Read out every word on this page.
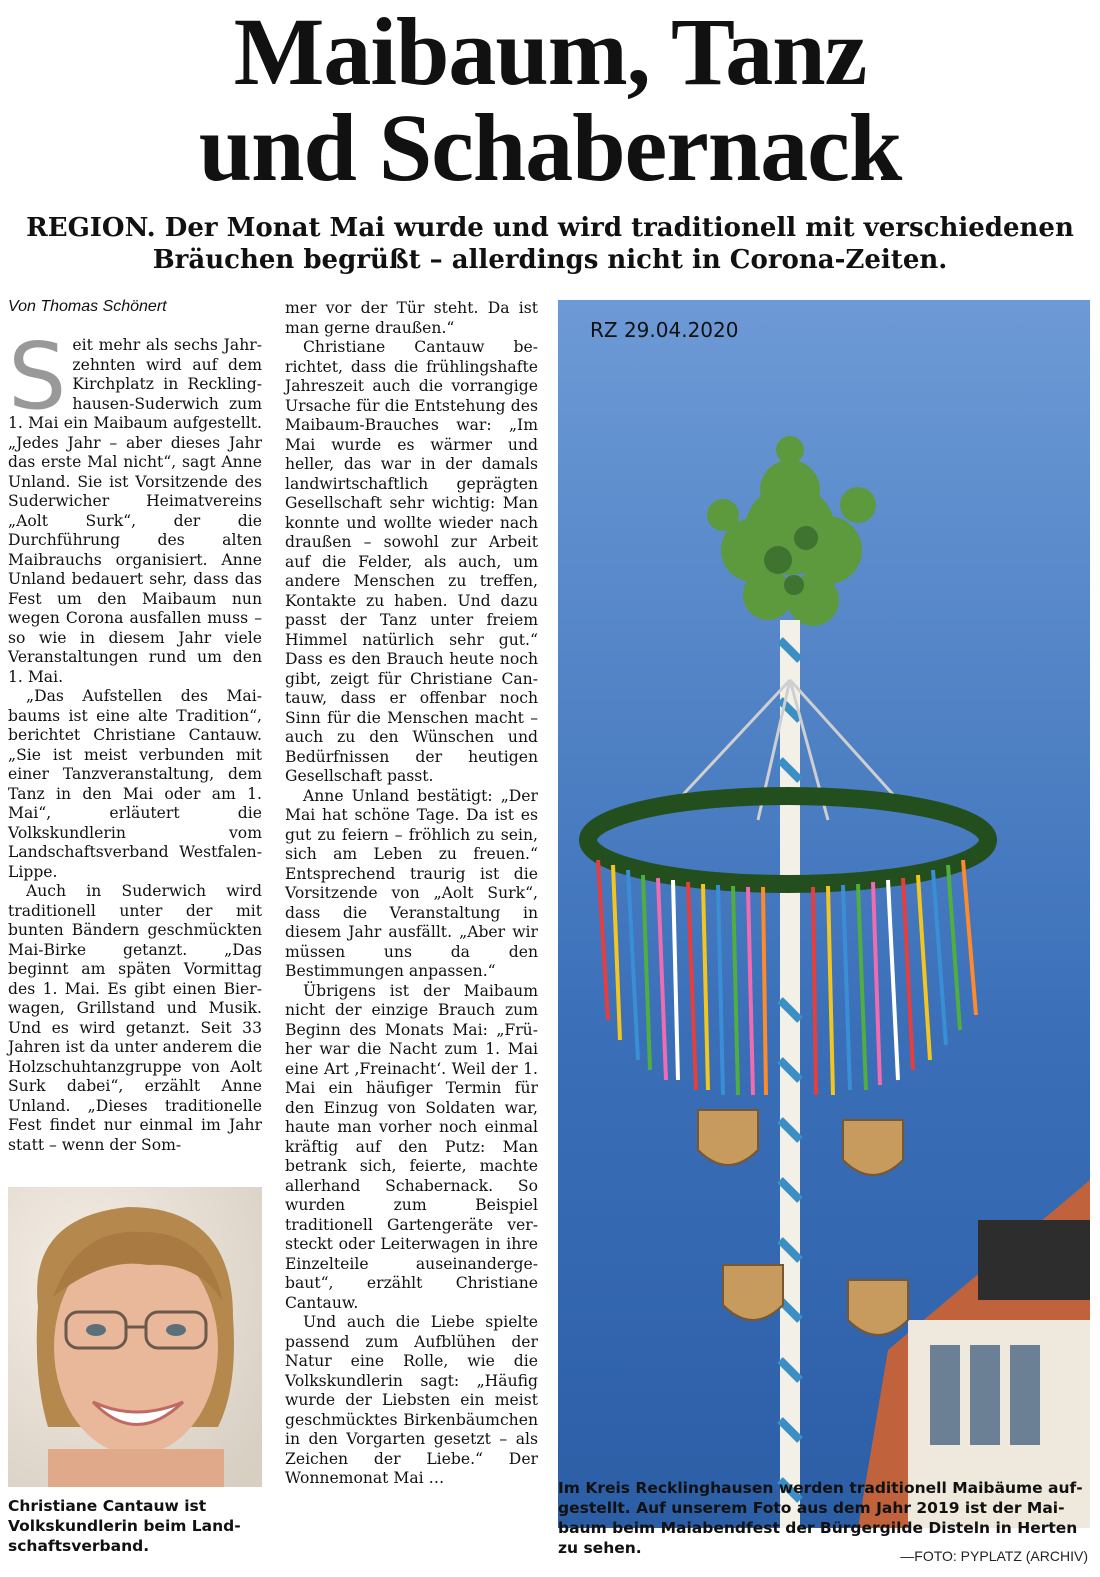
Maibaum, Tanz
und Schabernack
REGION. Der Monat Mai wurde und wird traditionell mit verschiedenen Bräuchen begrüßt – allerdings nicht in Corona-Zeiten.
Von Thomas Schönert
S eit mehr als sechs Jahrzehnten wird auf dem Kirchplatz in Recklinghausen-Suderwich zum 1. Mai ein Maibaum aufgestellt. „Jedes Jahr – aber dieses Jahr das erste Mal nicht“, sagt Anne Unland. Sie ist Vorsitzende des Suderwicher Heimatvereins „Aolt Surk“, der die Durchführung des alten Maibrauchs organisiert. Anne Unland bedauert sehr, dass das Fest um den Maibaum nun wegen Corona ausfallen muss – so wie in diesem Jahr viele Veranstaltungen rund um den 1. Mai.

„Das Aufstellen des Maibaums ist eine alte Tradition“, berichtet Christiane Cantauw. „Sie ist meist verbunden mit einer Tanzveranstaltung, dem Tanz in den Mai oder am 1. Mai“, erläutert die Volkskundlerin vom Landschaftsverband Westfalen-Lippe.

Auch in Suderwich wird traditionell unter der mit bunten Bändern geschmückten Mai-Birke getanzt. „Das beginnt am späten Vormittag des 1. Mai. Es gibt einen Bierwagen, Grillstand und Musik. Und es wird getanzt. Seit 33 Jahren ist da unter anderem die Holzschuhtanzgruppe von Aolt Surk dabei“, erzählt Anne Unland. „Dieses traditionelle Fest findet nur einmal im Jahr statt – wenn der Som-

mer vor der Tür steht. Da ist man gerne draußen.“

Christiane Cantauw berichtet, dass die frühlingshafte Jahreszeit auch die vorrangige Ursache für die Entstehung des Maibaum-Brauches war: „Im Mai wurde es wärmer und heller, das war in der damals landwirtschaftlich geprägten Gesellschaft sehr wichtig: Man konnte und wollte wieder nach draußen – sowohl zur Arbeit auf die Felder, als auch, um andere Menschen zu treffen, Kontakte zu haben. Und dazu passt der Tanz unter freiem Himmel natürlich sehr gut.“ Dass es den Brauch heute noch gibt, zeigt für Christiane Cantauw, dass er offenbar noch Sinn für die Menschen macht – auch zu den Wünschen und Bedürfnissen der heutigen Gesellschaft passt.

Anne Unland bestätigt: „Der Mai hat schöne Tage. Da ist es gut zu feiern – fröhlich zu sein, sich am Leben zu freuen.“ Entsprechend traurig ist die Vorsitzende von „Aolt Surk“, dass die Veranstaltung in diesem Jahr ausfällt. „Aber wir müssen uns da den Bestimmungen anpassen.“

Übrigens ist der Maibaum nicht der einzige Brauch zum Beginn des Monats Mai: „Früher war die Nacht zum 1. Mai eine Art ‚Freinacht‘. Weil der 1. Mai ein häufiger Termin für den Einzug von Soldaten war, haute man vorher noch einmal kräftig auf den Putz: Man betrank sich, feierte, machte allerhand Schabernack. So wurden zum Beispiel traditionell Gartengeräte versteckt oder Leiterwagen in ihre Einzelteile auseinandergebaut“, erzählt Christiane Cantauw.

Und auch die Liebe spielte passend zum Aufblühen der Natur eine Rolle, wie die Volkskundlerin sagt: „Häufig wurde der Liebsten ein meist geschmücktes Birkenbäumchen in den Vorgarten gesetzt – als Zeichen der Liebe.“ Der Wonnemonat Mai …

Christiane Cantauw ist Volkskundlerin beim Landschaftsverband.
RZ 29.04.2020
Im Kreis Recklinghausen werden traditionell Maibäume aufgestellt. Auf unserem Foto aus dem Jahr 2019 ist der Maibaum beim Maiabendfest der Bürgergilde Disteln in Herten zu sehen.	—FOTO: PYPLATZ (ARCHIV)
